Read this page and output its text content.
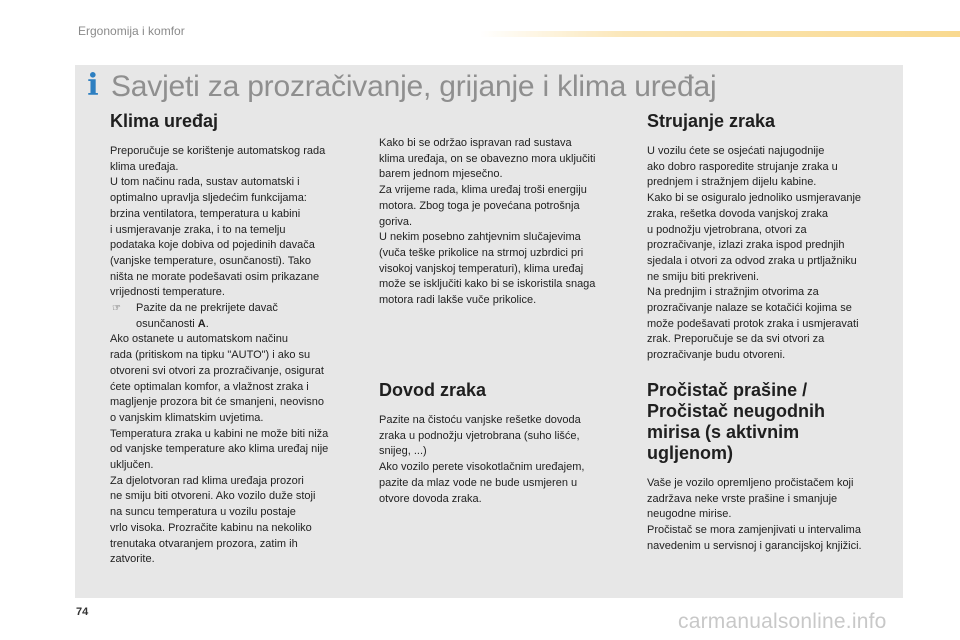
Ergonomija i komfor
i Savjeti za prozračivanje, grijanje i klima uređaj
Klima uređaj

Preporučuje se korištenje automatskog rada
klima uređaja.
U tom načinu rada, sustav automatski i
optimalno upravlja sljedećim funkcijama:
brzina ventilatora, temperatura u kabini
i usmjeravanje zraka, i to na temelju
podataka koje dobiva od pojedinih davača
(vanjske temperature, osunčanosti). Tako
ništa ne morate podešavati osim prikazane
vrijednosti temperature.

☞	Pazite da ne prekrijete davač
osunčanosti A.

Ako ostanete u automatskom načinu
rada (pritiskom na tipku "AUTO") i ako su
otvoreni svi otvori za prozračivanje, osigurat
ćete optimalan komfor, a vlažnost zraka i
magljenje prozora bit će smanjeni, neovisno
o vanjskim klimatskim uvjetima.
Temperatura zraka u kabini ne može biti niža
od vanjske temperature ako klima uređaj nije
uključen.
Za djelotvoran rad klima uređaja prozori
ne smiju biti otvoreni. Ako vozilo duže stoji
na suncu temperatura u vozilu postaje
vrlo visoka. Prozračite kabinu na nekoliko
trenutaka otvaranjem prozora, zatim ih
zatvorite.

Kako bi se održao ispravan rad sustava
klima uređaja, on se obavezno mora uključiti
barem jednom mjesečno.
Za vrijeme rada, klima uređaj troši energiju
motora. Zbog toga je povećana potrošnja
goriva.
U nekim posebno zahtjevnim slučajevima
(vuča teške prikolice na strmoj uzbrdici pri
visokoj vanjskoj temperaturi), klima uređaj
može se isključiti kako bi se iskoristila snaga
motora radi lakše vuče prikolice.

Dovod zraka

Pazite na čistoću vanjske rešetke dovoda
zraka u podnožju vjetrobrana (suho lišće,
snijeg, ...)
Ako vozilo perete visokotlačnim uređajem,
pazite da mlaz vode ne bude usmjeren u
otvore dovoda zraka.

Strujanje zraka

U vozilu ćete se osjećati najugodnije
ako dobro rasporedite strujanje zraka u
prednjem i stražnjem dijelu kabine.
Kako bi se osiguralo jednoliko usmjeravanje
zraka, rešetka dovoda vanjskoj zraka
u podnožju vjetrobrana, otvori za
prozračivanje, izlazi zraka ispod prednjih
sjedala i otvori za odvod zraka u prtljažniku
ne smiju biti prekriveni.
Na prednjim i stražnjim otvorima za
prozračivanje nalaze se kotačići kojima se
može podešavati protok zraka i usmjeravati
zrak. Preporučuje se da svi otvori za
prozračivanje budu otvoreni.

Pročistač prašine /
Pročistač neugodnih
mirisa (s aktivnim
ugljenom)

Vaše je vozilo opremljeno pročistačem koji
zadržava neke vrste prašine i smanjuje
neugodne mirise.
Pročistač se mora zamjenjivati u intervalima
navedenim u servisnoj i garancijskoj knjižici.

74	carmanualsonline.info
